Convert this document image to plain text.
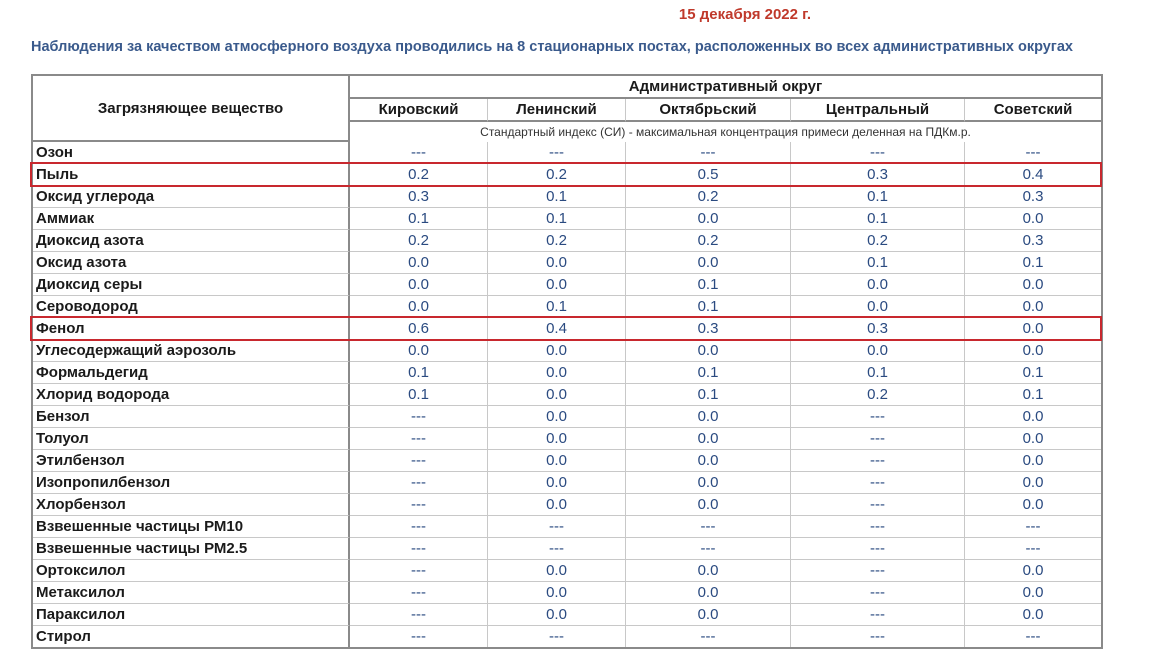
15 декабря 2022 г.
Наблюдения за качеством атмосферного воздуха проводились на 8 стационарных постах, расположенных во всех административных округах
Загрязняющее вещество	Административный округ				
	Кировский	Ленинский	Октябрьский	Центральный	Советский
	Стандартный индекс (СИ) - максимальная концентрация примеси деленная на ПДКм.р.				
Озон	---	---	---	---	---
Пыль	0.2	0.2	0.5	0.3	0.4
Оксид углерода	0.3	0.1	0.2	0.1	0.3
Аммиак	0.1	0.1	0.0	0.1	0.0
Диоксид азота	0.2	0.2	0.2	0.2	0.3
Оксид азота	0.0	0.0	0.0	0.1	0.1
Диоксид серы	0.0	0.0	0.1	0.0	0.0
Сероводород	0.0	0.1	0.1	0.0	0.0
Фенол	0.6	0.4	0.3	0.3	0.0
Углесодержащий аэрозоль	0.0	0.0	0.0	0.0	0.0
Формальдегид	0.1	0.0	0.1	0.1	0.1
Хлорид водорода	0.1	0.0	0.1	0.2	0.1
Бензол	---	0.0	0.0	---	0.0
Толуол	---	0.0	0.0	---	0.0
Этилбензол	---	0.0	0.0	---	0.0
Изопропилбензол	---	0.0	0.0	---	0.0
Хлорбензол	---	0.0	0.0	---	0.0
Взвешенные частицы РМ10	---	---	---	---	---
Взвешенные частицы РМ2.5	---	---	---	---	---
Ортоксилол	---	0.0	0.0	---	0.0
Метаксилол	---	0.0	0.0	---	0.0
Параксилол	---	0.0	0.0	---	0.0
Стирол	---	---	---	---	---
